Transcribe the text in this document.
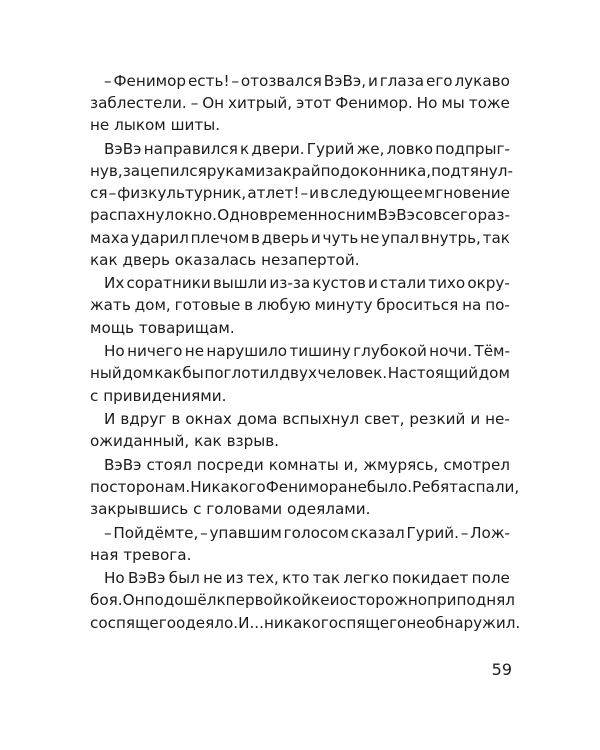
– Фенимор есть! – отозвался ВэВэ, и глаза его лукаво
заблестели. – Он хитрый, этот Фенимор. Но мы тоже
не лыком шиты.
ВэВэ направился к двери. Гурий же, ловко подпрыг-
нув, зацепился руками за край подоконника, подтянул-
ся – физкультурник, атлет! – и в следующее мгновение
распахнул окно. Одновременно с ним ВэВэ со всего раз-
маха ударил плечом в дверь и чуть не упал внутрь, так
как дверь оказалась незапертой.
Их соратники вышли из-за кустов и стали тихо окру-
жать дом, готовые в любую минуту броситься на по-
мощь товарищам.
Но ничего не нарушило тишину глубокой ночи. Тём-
ный дом как бы поглотил двух человек. Настоящий дом
с привидениями.
И вдруг в окнах дома вспыхнул свет, резкий и не-
ожиданный, как взрыв.
ВэВэ стоял посреди комнаты и, жмурясь, смотрел
по сторонам. Никакого Фенимора не было. Ребята спали,
закрывшись с головами одеялами.
– Пойдёмте, – упавшим голосом сказал Гурий. – Лож-
ная тревога.
Но ВэВэ был не из тех, кто так легко покидает поле
боя. Он подошёл к первой койке и осторожно приподнял
со спящего одеяло. И... никакого спящего не обнаружил.
59
